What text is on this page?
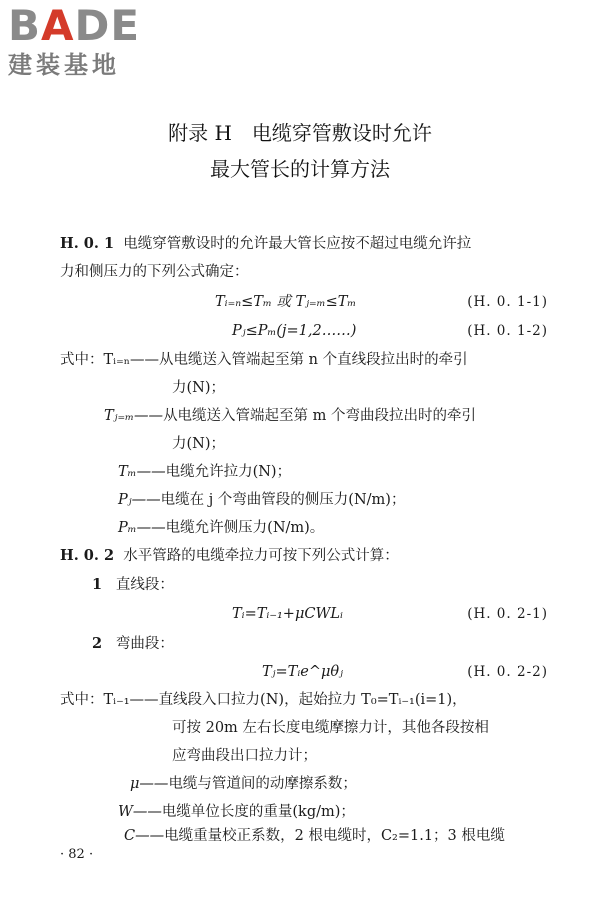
BADE
建装基地
附录 H　电缆穿管敷设时允许
最大管长的计算方法
H. 0. 1 电缆穿管敷设时的允许最大管长应按不超过电缆允许拉
力和侧压力的下列公式确定：
Tᵢ₌ₙ≤Tₘ 或 Tⱼ₌ₘ≤Tₘ	(H. 0. 1-1)
Pⱼ≤Pₘ(j=1,2……)	(H. 0. 1-2)
式中：Tᵢ₌ₙ——从电缆送入管端起至第 n 个直线段拉出时的牵引
力(N)；
Tⱼ₌ₘ——从电缆送入管端起至第 m 个弯曲段拉出时的牵引
力(N)；
Tₘ——电缆允许拉力(N)；
Pⱼ——电缆在 j 个弯曲管段的侧压力(N/m)；
Pₘ——电缆允许侧压力(N/m)。
H. 0. 2 水平管路的电缆牵拉力可按下列公式计算：
1 直线段：
Tᵢ=Tᵢ₋₁+μCWLᵢ	(H. 0. 2-1)
2 弯曲段：
Tⱼ=Tᵢe^μθⱼ	(H. 0. 2-2)
式中：Tᵢ₋₁——直线段入口拉力(N)，起始拉力 T₀=Tᵢ₋₁(i=1)，
可按 20m 左右长度电缆摩擦力计，其他各段按相
应弯曲段出口拉力计；
μ——电缆与管道间的动摩擦系数；
W——电缆单位长度的重量(kg/m)；
C——电缆重量校正系数，2 根电缆时，C₂=1.1；3 根电缆
· 82 ·
